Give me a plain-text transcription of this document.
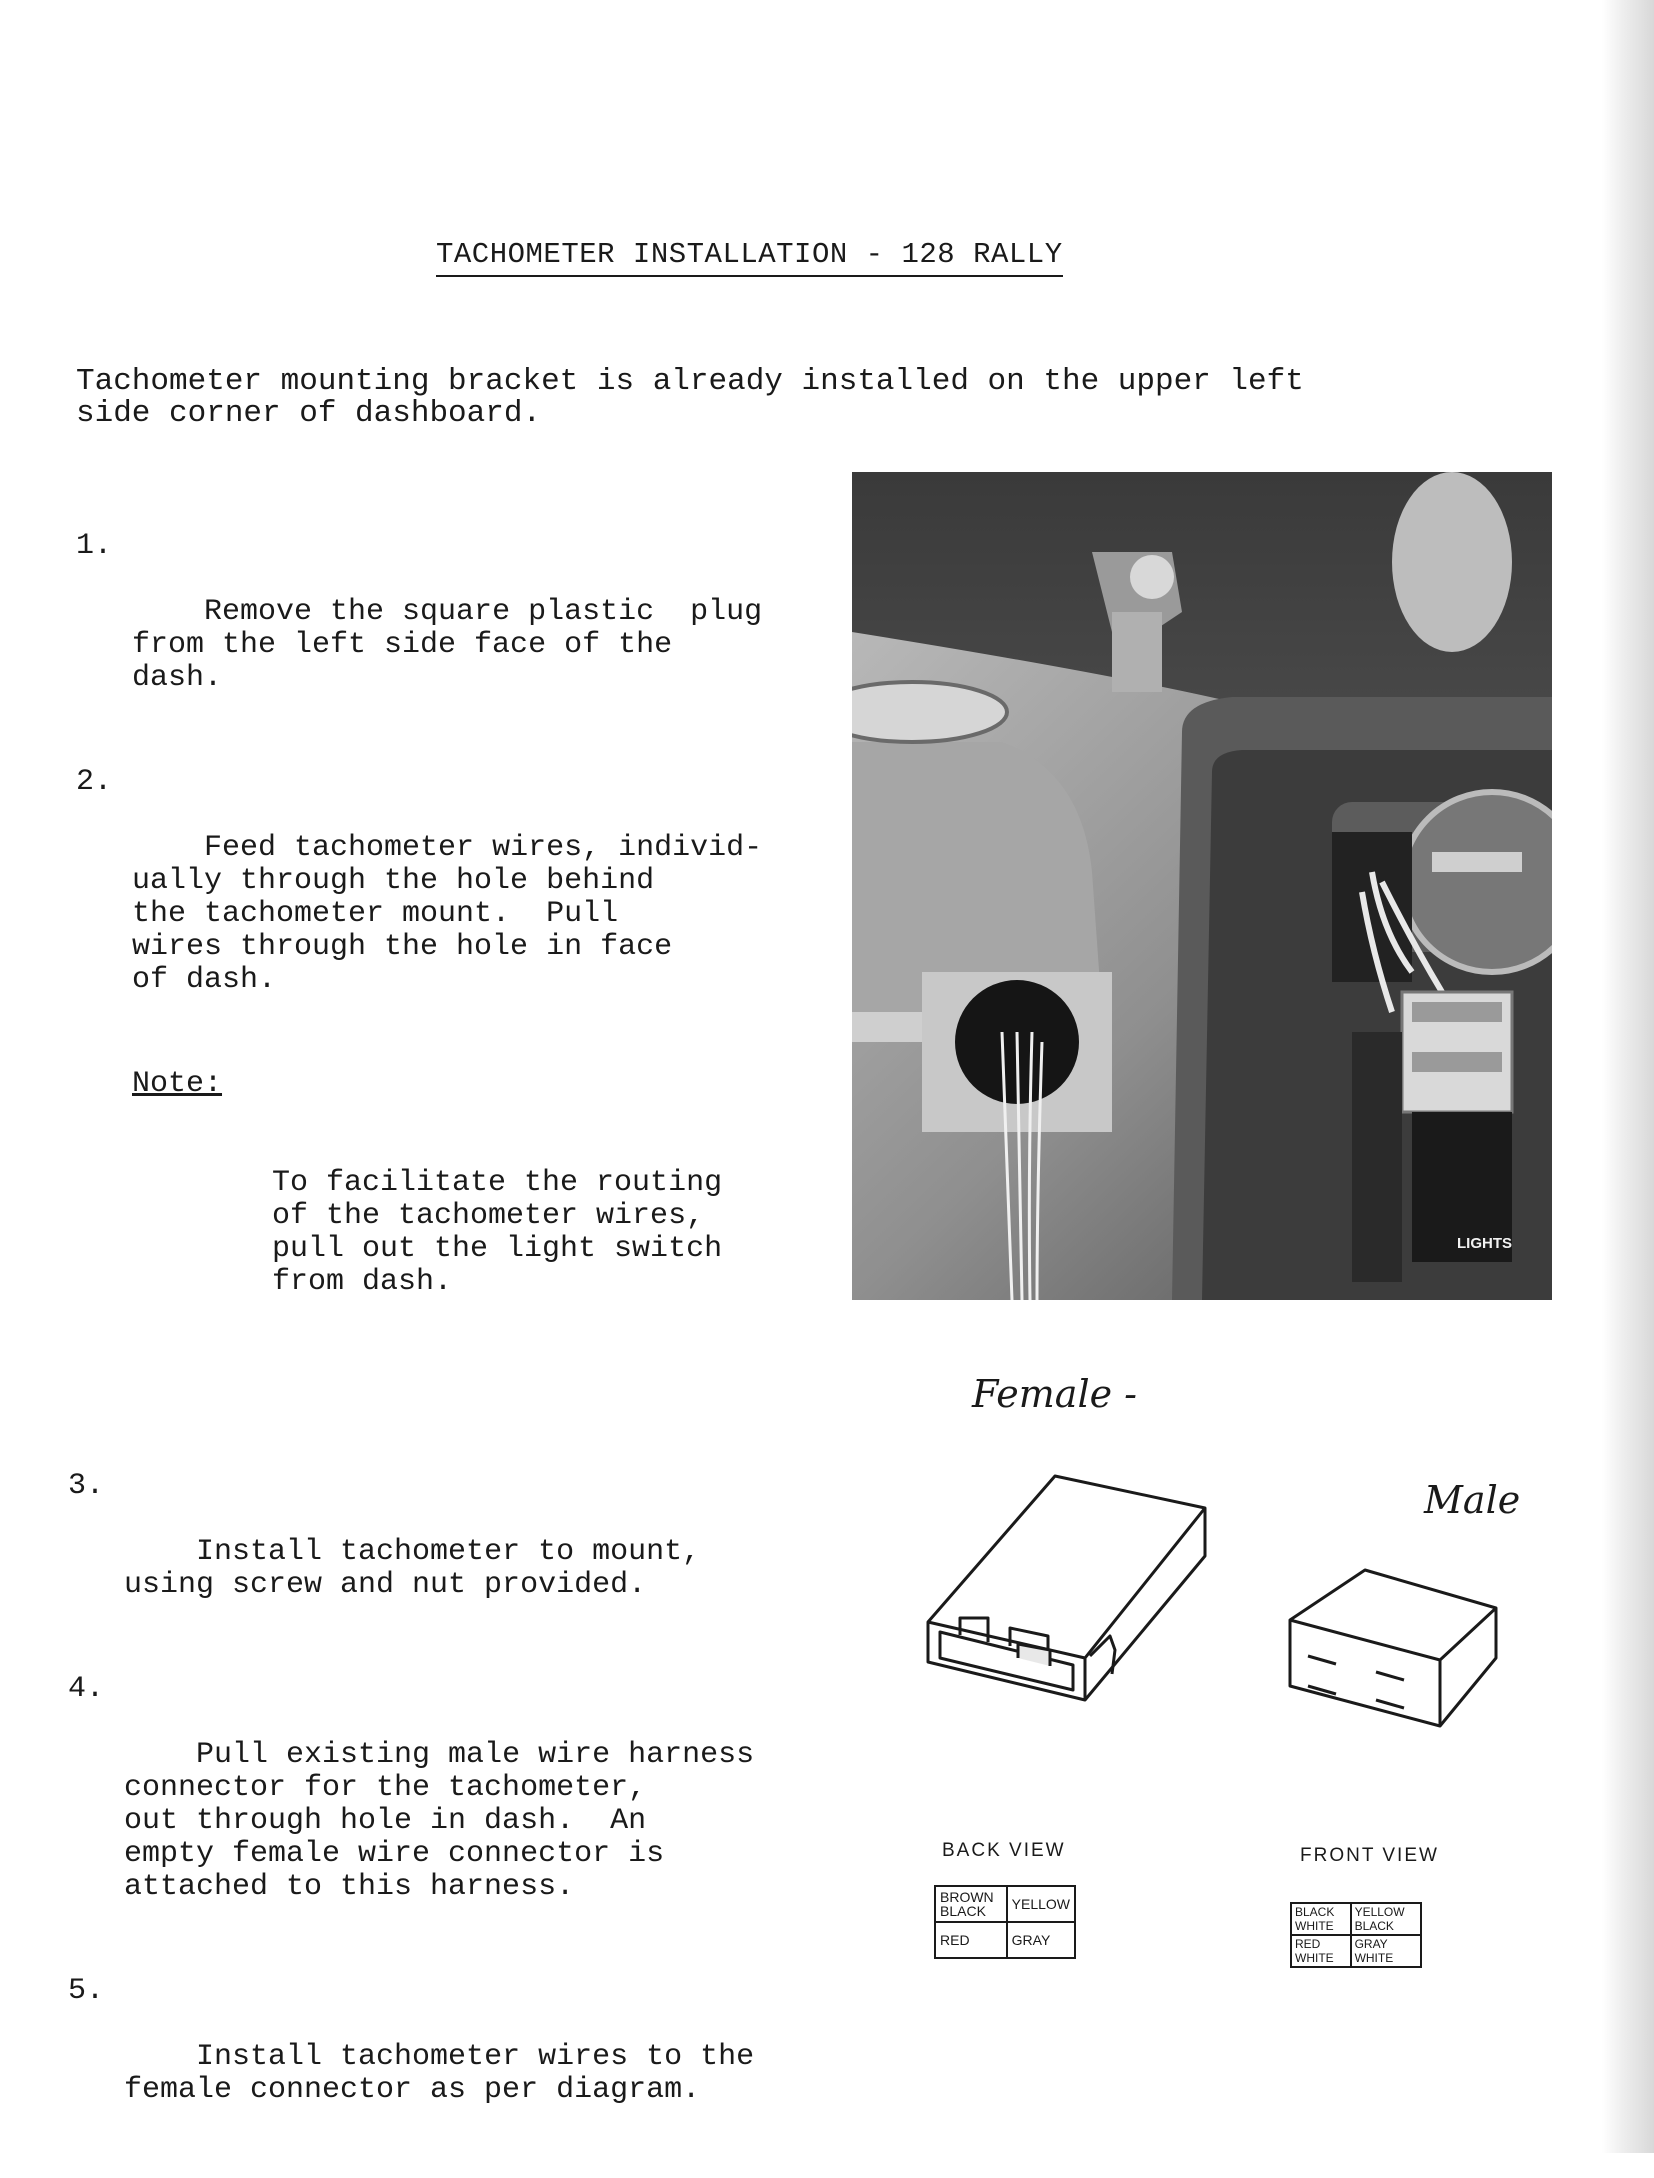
TACHOMETER INSTALLATION - 128 RALLY
Tachometer mounting bracket is already installed on the upper left
side corner of dashboard.

1.

Remove the square plastic  plug
from the left side face of the
dash.

2.

Feed tachometer wires, individ-
ually through the hole behind
the tachometer mount.  Pull
wires through the hole in face
of dash.

Note:

To facilitate the routing
of the tachometer wires,
pull out the light switch
from dash.

LIGHTS
Female -
Male
BACK VIEW	FRONT VIEW
BROWN BLACK	YELLOW
RED	GRAY
BLACK WHITE	YELLOW BLACK
RED WHITE	GRAY WHITE

3.

Install tachometer to mount,
using screw and nut provided.

4.

Pull existing male wire harness
connector for the tachometer,
out through hole in dash.  An
empty female wire connector is
attached to this harness.

5.

Install tachometer wires to the
female connector as per diagram.
